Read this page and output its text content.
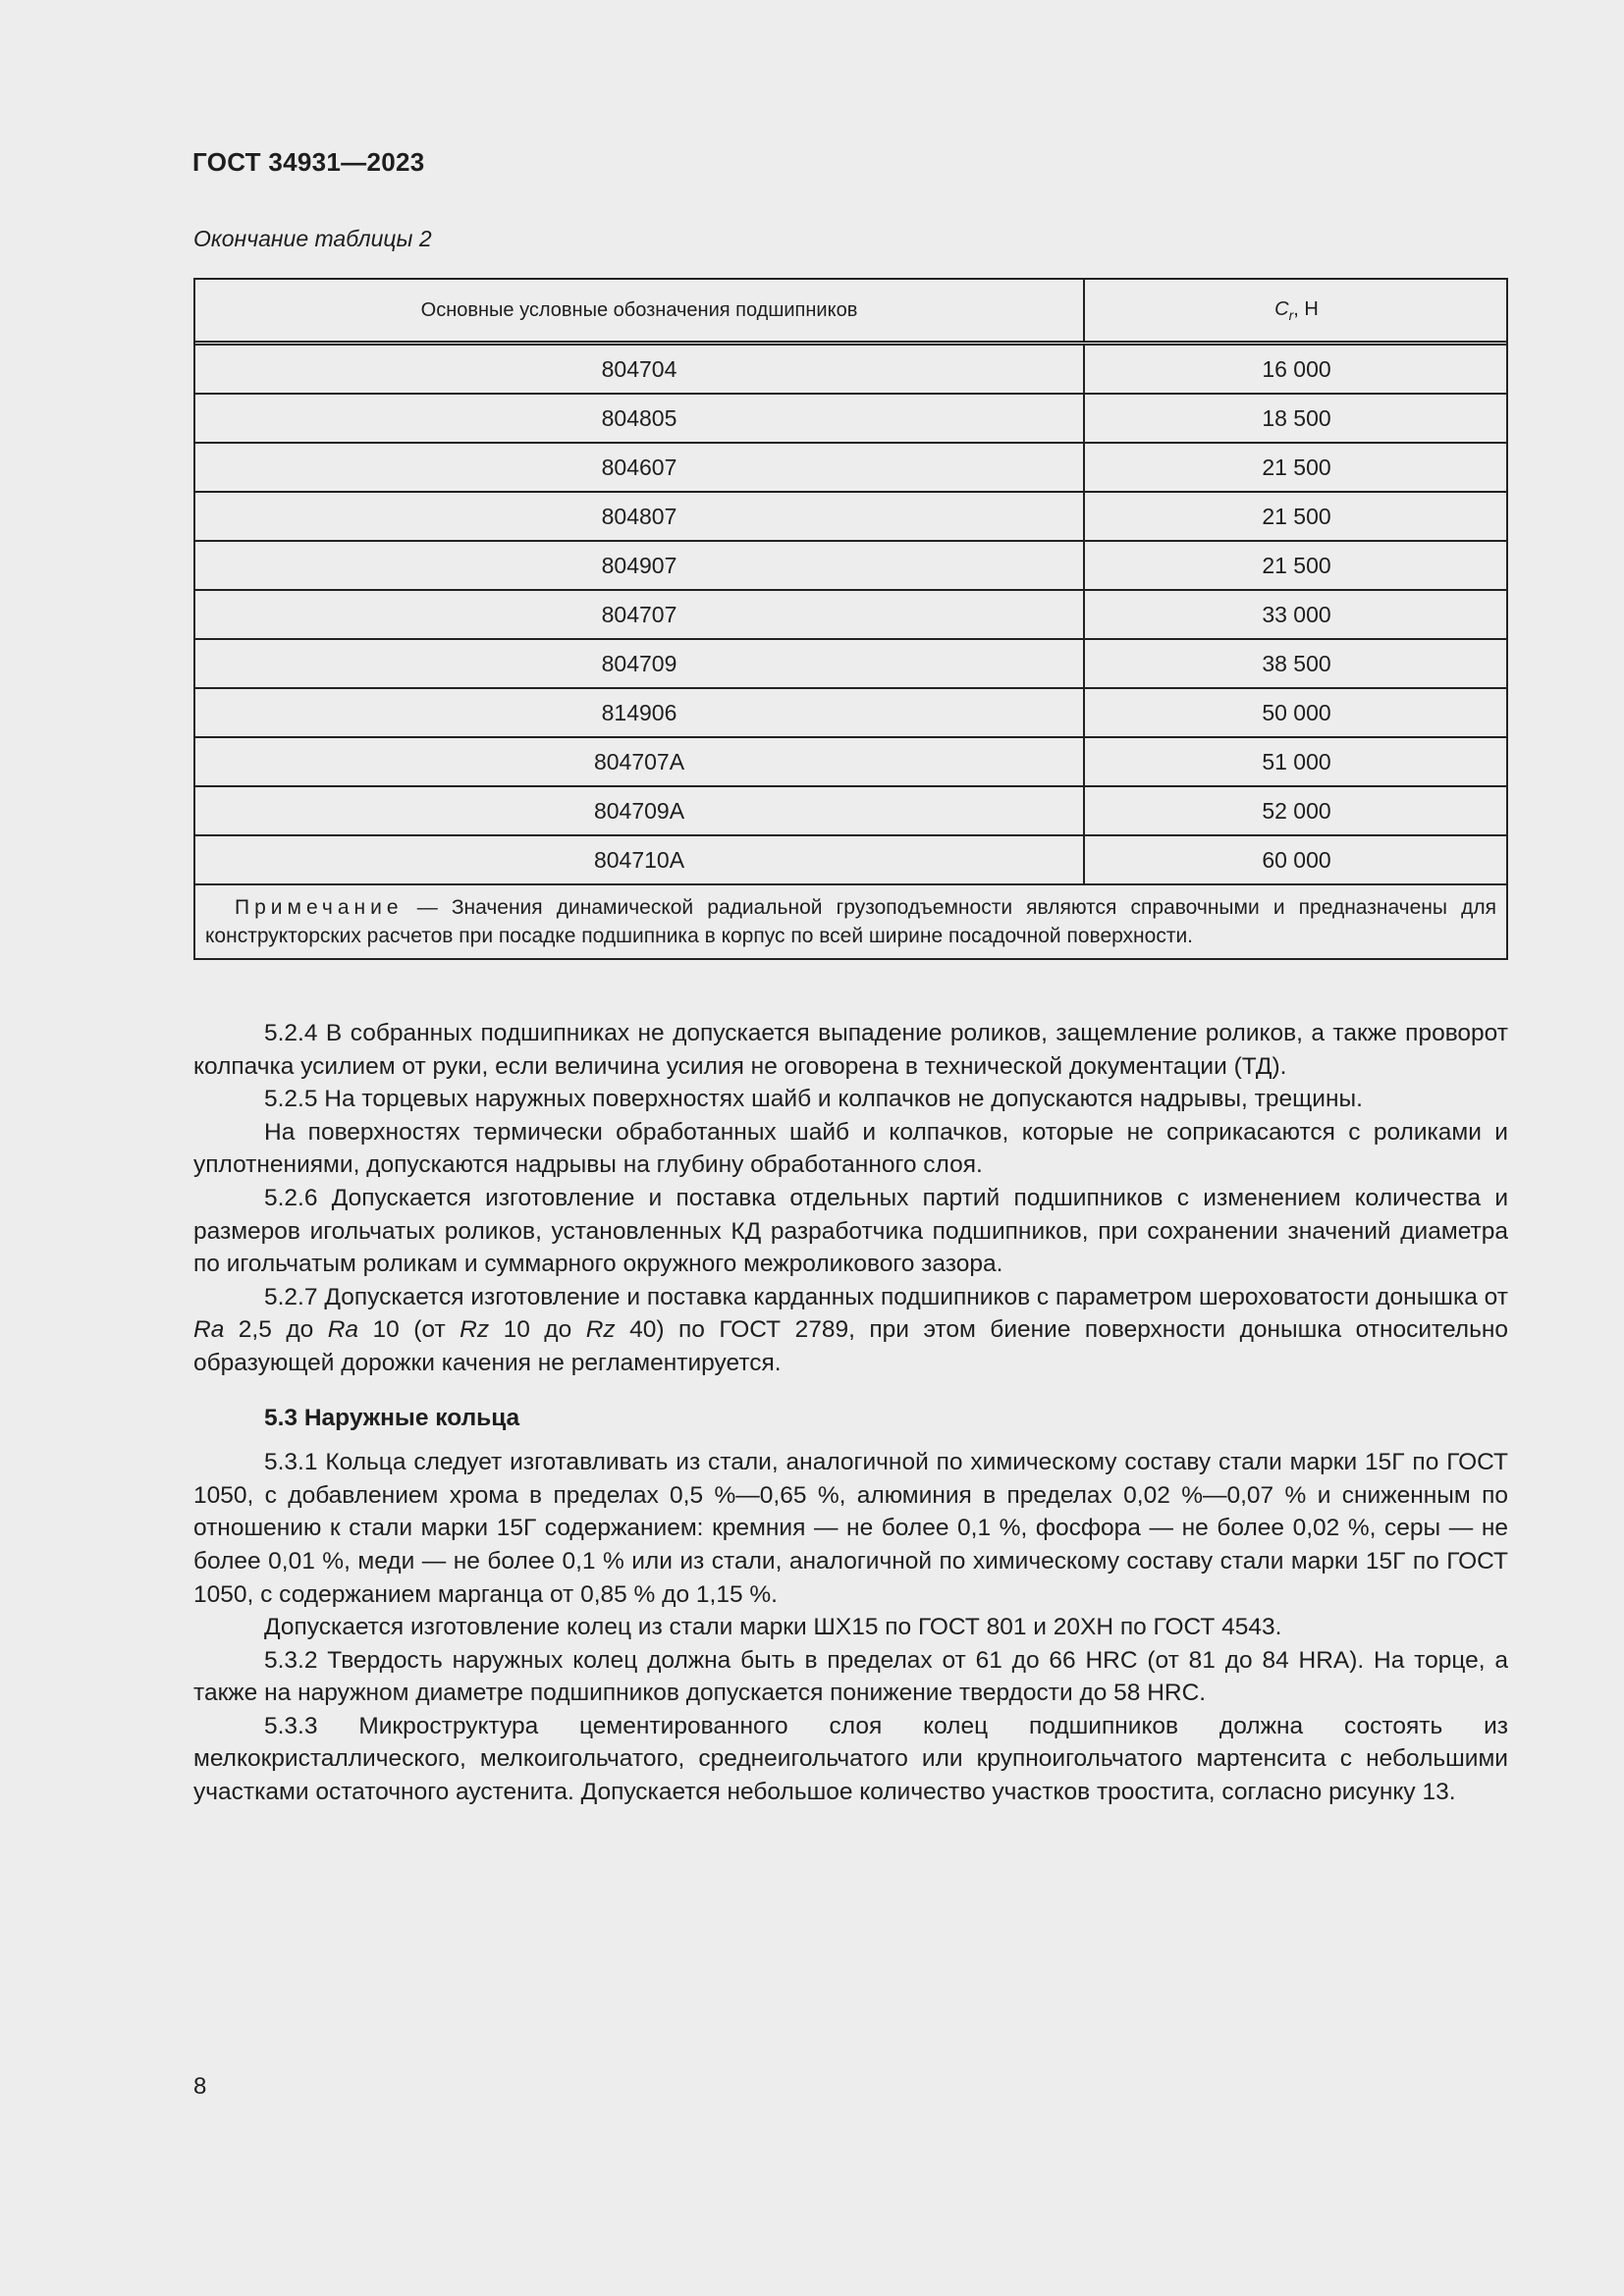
ГОСТ 34931—2023
Окончание таблицы 2
Основные условные обозначения подшипников	$C_r$, Н
804704	16 000
804805	18 500
804607	21 500
804807	21 500
804907	21 500
804707	33 000
804709	38 500
814906	50 000
804707А	51 000
804709А	52 000
804710А	60 000
Примечание — Значения динамической радиальной грузоподъемности являются справочными и предназначены для конструкторских расчетов при посадке подшипника в корпус по всей ширине посадочной поверхности.

5.2.4 В собранных подшипниках не допускается выпадение роликов, защемление роликов, а также проворот колпачка усилием от руки, если величина усилия не оговорена в технической документации (ТД).

5.2.5 На торцевых наружных поверхностях шайб и колпачков не допускаются надрывы, трещины.

На поверхностях термически обработанных шайб и колпачков, которые не соприкасаются с роликами и уплотнениями, допускаются надрывы на глубину обработанного слоя.

5.2.6 Допускается изготовление и поставка отдельных партий подшипников с изменением количества и размеров игольчатых роликов, установленных КД разработчика подшипников, при сохранении значений диаметра по игольчатым роликам и суммарного окружного межроликового зазора.

5.2.7 Допускается изготовление и поставка карданных подшипников с параметром шероховатости донышка от Ra 2,5 до Ra 10 (от Rz 10 до Rz 40) по ГОСТ 2789, при этом биение поверхности донышка относительно образующей дорожки качения не регламентируется.

5.3 Наружные кольца

5.3.1 Кольца следует изготавливать из стали, аналогичной по химическому составу стали марки 15Г по ГОСТ 1050, с добавлением хрома в пределах 0,5 %—0,65 %, алюминия в пределах 0,02 %—0,07 % и сниженным по отношению к стали марки 15Г содержанием: кремния — не более 0,1 %, фосфора — не более 0,02 %, серы — не более 0,01 %, меди — не более 0,1 % или из стали, аналогичной по химическому составу стали марки 15Г по ГОСТ 1050, с содержанием марганца от 0,85 % до 1,15 %.

Допускается изготовление колец из стали марки ШХ15 по ГОСТ 801 и 20ХН по ГОСТ 4543.

5.3.2 Твердость наружных колец должна быть в пределах от 61 до 66 HRC (от 81 до 84 HRA). На торце, а также на наружном диаметре подшипников допускается понижение твердости до 58 HRC.

5.3.3 Микроструктура цементированного слоя колец подшипников должна состоять из мелкокристаллического, мелкоигольчатого, среднеигольчатого или крупноигольчатого мартенсита с небольшими участками остаточного аустенита. Допускается небольшое количество участков троостита, согласно рисунку 13.

8
